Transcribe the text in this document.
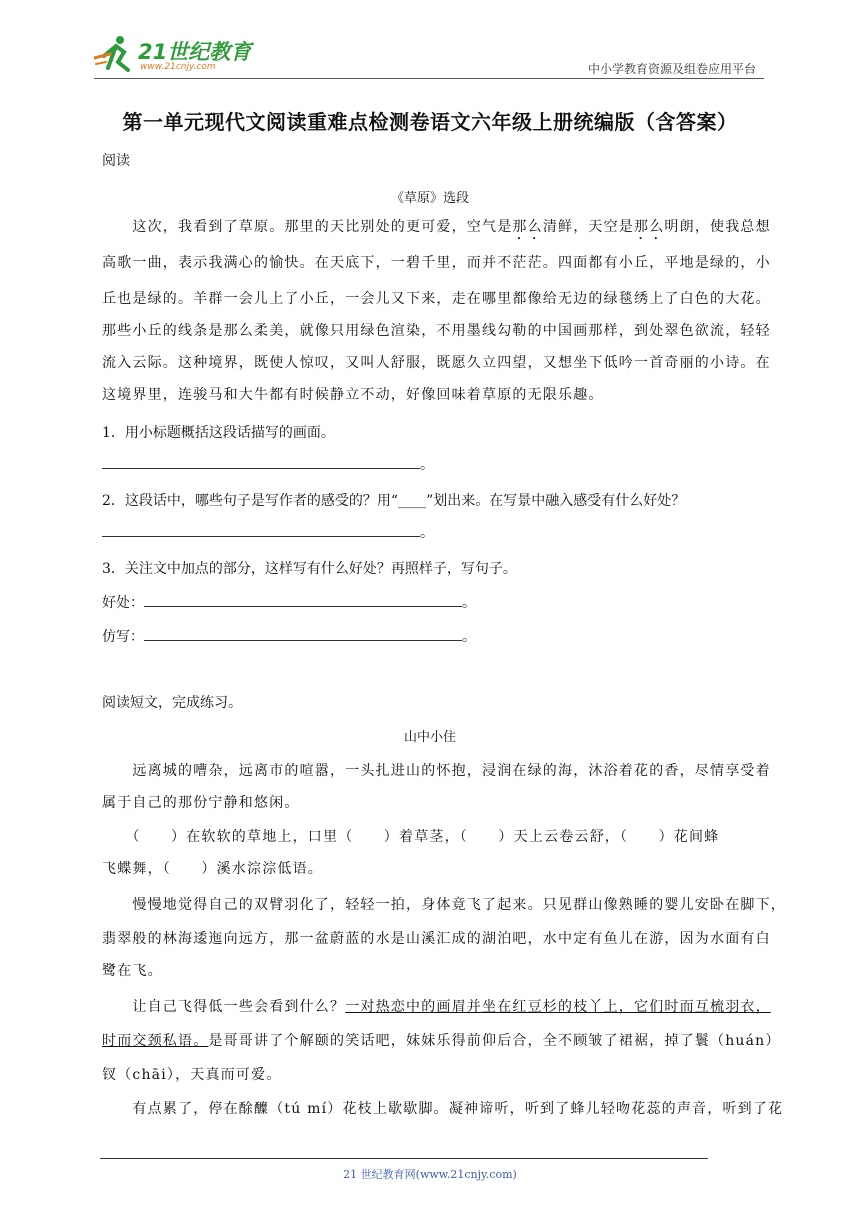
21世纪教育
www.21cnjy.com	中小学教育资源及组卷应用平台
第一单元现代文阅读重难点检测卷语文六年级上册统编版（含答案）
阅读
《草原》选段
　　这次，我看到了草原。那里的天比别处的更可爱，空气是那么清鲜，天空是那么明朗，使我总想
高歌一曲，表示我满心的愉快。在天底下，一碧千里，而并不茫茫。四面都有小丘，平地是绿的，小
丘也是绿的。羊群一会儿上了小丘，一会儿又下来，走在哪里都像给无边的绿毯绣上了白色的大花。
那些小丘的线条是那么柔美，就像只用绿色渲染，不用墨线勾勒的中国画那样，到处翠色欲流，轻轻
流入云际。这种境界，既使人惊叹，又叫人舒服，既愿久立四望，又想坐下低吟一首奇丽的小诗。在
这境界里，连骏马和大牛都有时候静立不动，好像回味着草原的无限乐趣。
1．用小标题概括这段话描写的画面。
。
2．这段话中，哪些句子是写作者的感受的？用“____”划出来。在写景中融入感受有什么好处？
。
3．关注文中加点的部分，这样写有什么好处？再照样子，写句子。
好处：	。
仿写：	。
阅读短文，完成练习。
山中小住
　　远离城的嘈杂，远离市的喧嚣，一头扎进山的怀抱，浸润在绿的海，沐浴着花的香，尽情享受着
属于自己的那份宁静和悠闲。
　　（　　）在软软的草地上，口里（　　）着草茎，（　　）天上云卷云舒，（　　）花间蜂
飞蝶舞，（　　）溪水淙淙低语。
　　慢慢地觉得自己的双臂羽化了，轻轻一拍，身体竟飞了起来。只见群山像熟睡的婴儿安卧在脚下，
翡翠般的林海逶迤向远方，那一盆蔚蓝的水是山溪汇成的湖泊吧，水中定有鱼儿在游，因为水面有白
鹭在飞。
　　让自己飞得低一些会看到什么？一对热恋中的画眉并坐在红豆杉的枝丫上，它们时而互梳羽衣，
时而交颈私语。是哥哥讲了个解颐的笑话吧，妹妹乐得前仰后合，全不顾皱了裙裾，掉了鬟（huán）
钗（chāi），天真而可爱。
　　有点累了，停在酴醾（tú mí）花枝上歇歇脚。凝神谛听，听到了蜂儿轻吻花蕊的声音，听到了花
21 世纪教育网(www.21cnjy.com)
